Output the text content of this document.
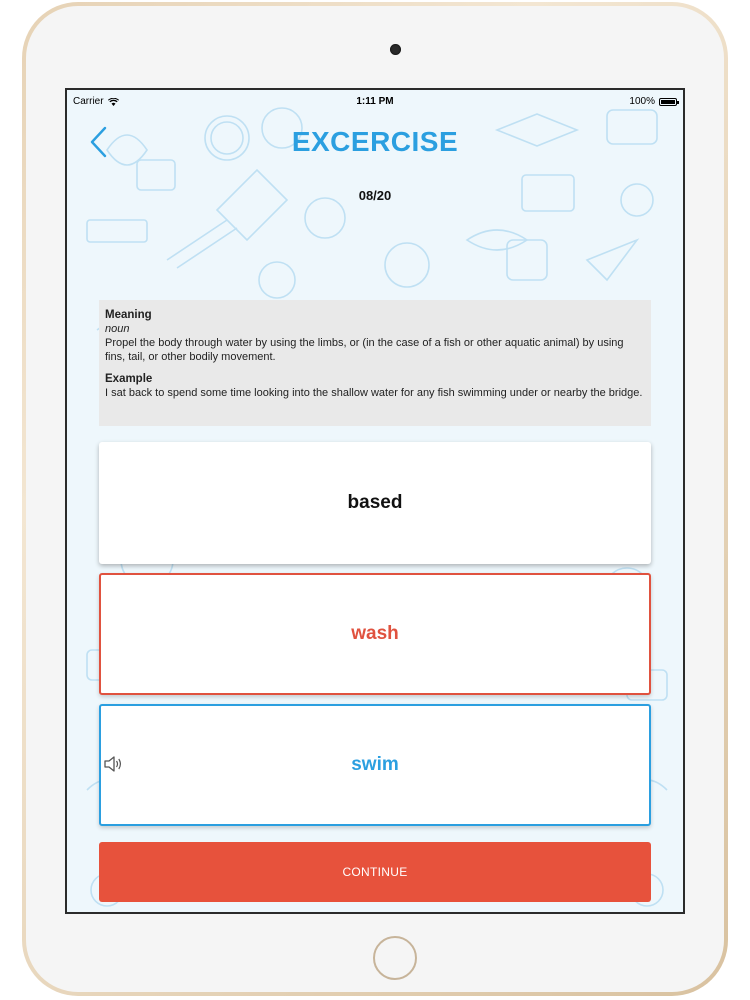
Carrier	1:11 PM	100%
EXCERCISE
08/20
Meaning
noun
Propel the body through water by using the limbs, or (in the case of a fish or other aquatic animal) by using fins, tail, or other bodily movement.
Example
I sat back to spend some time looking into the shallow water for any fish swimming under or nearby the bridge.
based
wash
swim
CONTINUE
